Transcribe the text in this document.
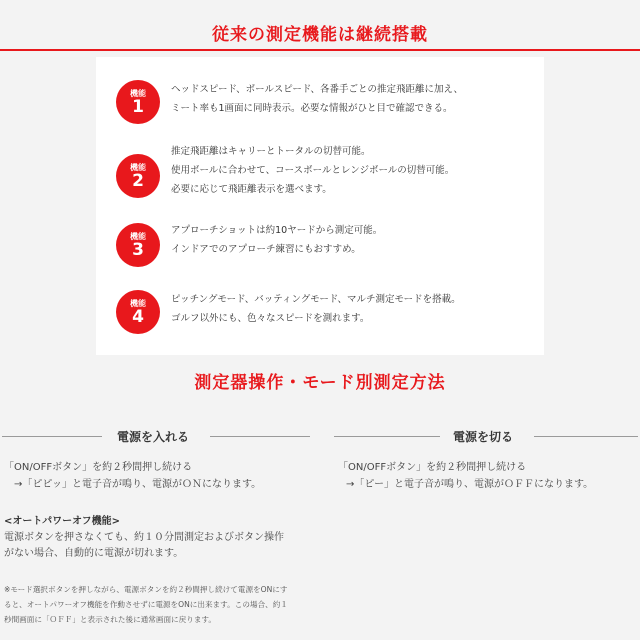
従来の測定機能は継続搭載
機能
1
ヘッドスピード、ボールスピード、各番手ごとの推定飛距離に加え、
ミート率も1画面に同時表示。必要な情報がひと目で確認できる。
機能
2
推定飛距離はキャリーとトータルの切替可能。
使用ボールに合わせて、コースボールとレンジボールの切替可能。
必要に応じて飛距離表示を選べます。
機能
3
アプローチショットは約10ヤードから測定可能。
インドアでのアプローチ練習にもおすすめ。
機能
4
ピッチングモード、バッティングモード、マルチ測定モードを搭載。
ゴルフ以外にも、色々なスピードを測れます。
測定器操作・モード別測定方法
電源を入れる
「ON/OFFボタン」を約２秒間押し続ける
→「ピピッ」と電子音が鳴り、電源がＯＮになります。
<オートパワーオフ機能>
電源ボタンを押さなくても、約１０分間測定およびボタン操作
がない場合、自動的に電源が切れます。
電源を切る
「ON/OFFボタン」を約２秒間押し続ける
→「ピー」と電子音が鳴り、電源がＯＦＦになります。
※モード選択ボタンを押しながら、電源ボタンを約２秒間押し続けて電源をONにす
ると、オートパワーオフ機能を作動させずに電源をONに出来ます。この場合、約１
秒間画面に「ＯＦＦ」と表示された後に通常画面に戻ります。
